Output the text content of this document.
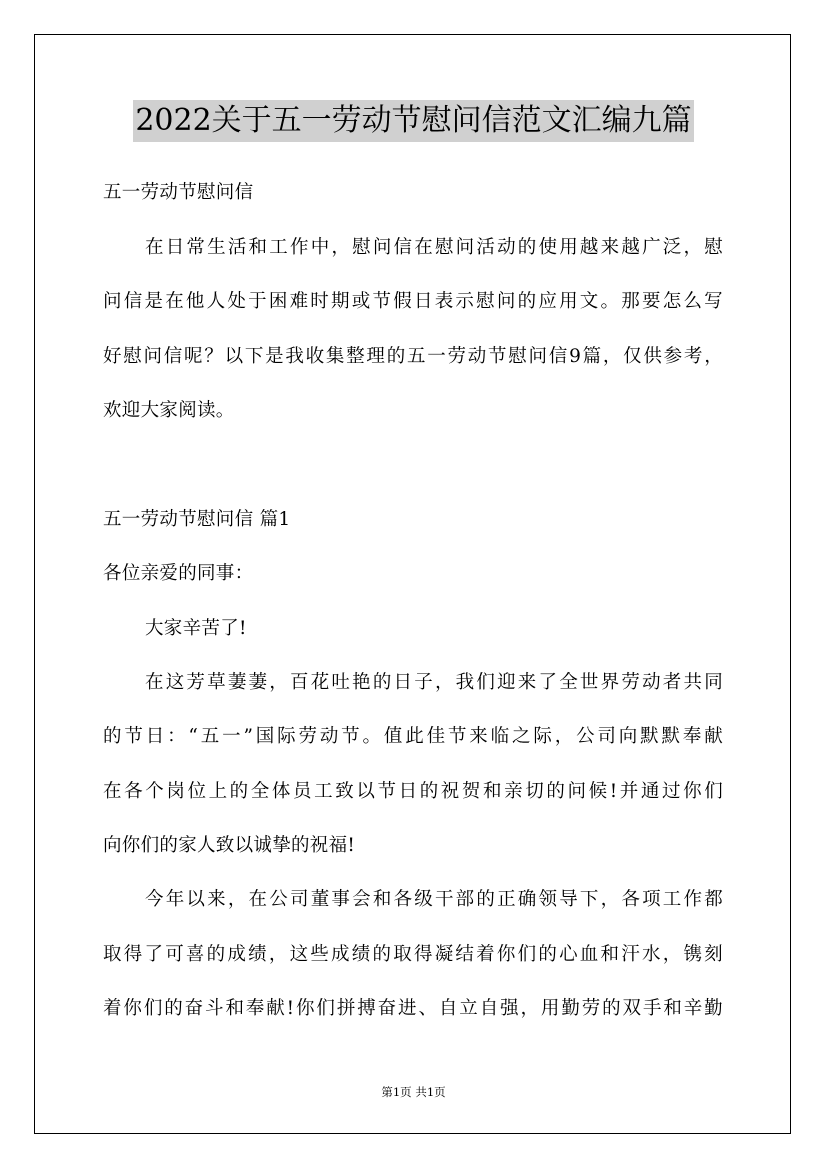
2022关于五一劳动节慰问信范文汇编九篇
五一劳动节慰问信
在日常生活和工作中，慰问信在慰问活动的使用越来越广泛，慰
问信是在他人处于困难时期或节假日表示慰问的应用文。那要怎么写
好慰问信呢？以下是我收集整理的五一劳动节慰问信9篇，仅供参考，
欢迎大家阅读。
五一劳动节慰问信 篇1
各位亲爱的同事：
大家辛苦了!
在这芳草萋萋，百花吐艳的日子，我们迎来了全世界劳动者共同
的节日：“五一”国际劳动节。值此佳节来临之际，公司向默默奉献
在各个岗位上的全体员工致以节日的祝贺和亲切的问候!并通过你们
向你们的家人致以诚挚的祝福!
今年以来，在公司董事会和各级干部的正确领导下，各项工作都
取得了可喜的成绩，这些成绩的取得凝结着你们的心血和汗水，镌刻
着你们的奋斗和奉献!你们拼搏奋进、自立自强，用勤劳的双手和辛勤
第1页 共1页
